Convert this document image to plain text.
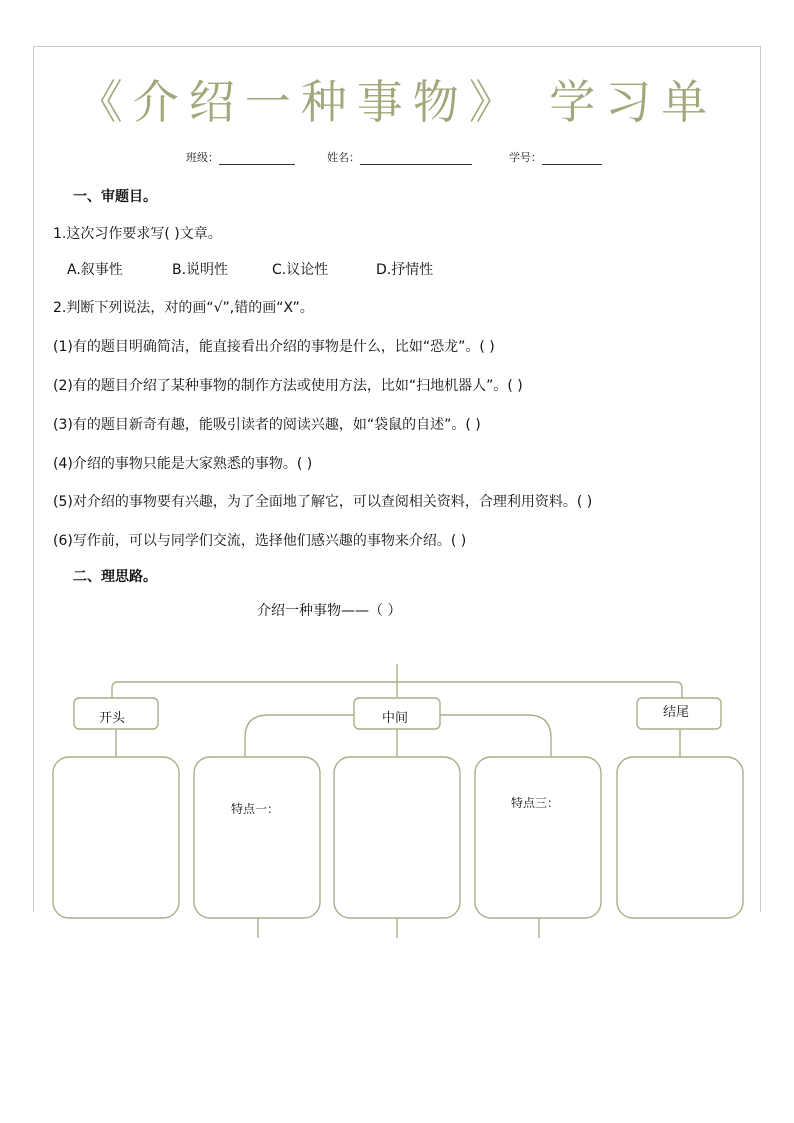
《介绍一种事物》 学习单
班级：	姓名：	学号：
一、审题目。
1.这次习作要求写( )文章。
A.叙事性	B.说明性	C.议论性	D.抒情性
2.判断下列说法，对的画“√”,错的画“X”。
(1)有的题目明确简洁，能直接看出介绍的事物是什么，比如“恐龙”。( )
(2)有的题目介绍了某种事物的制作方法或使用方法，比如“扫地机器人”。( )
(3)有的题目新奇有趣，能吸引读者的阅读兴趣，如“袋鼠的自述”。( )
(4)介绍的事物只能是大家熟悉的事物。( )
(5)对介绍的事物要有兴趣，为了全面地了解它，可以查阅相关资料，合理利用资料。( )
(6)写作前，可以与同学们交流，选择他们感兴趣的事物来介绍。( )
二、理思路。
介绍一种事物——（ ）
开头	中间	结尾
特点一：	特点三：
